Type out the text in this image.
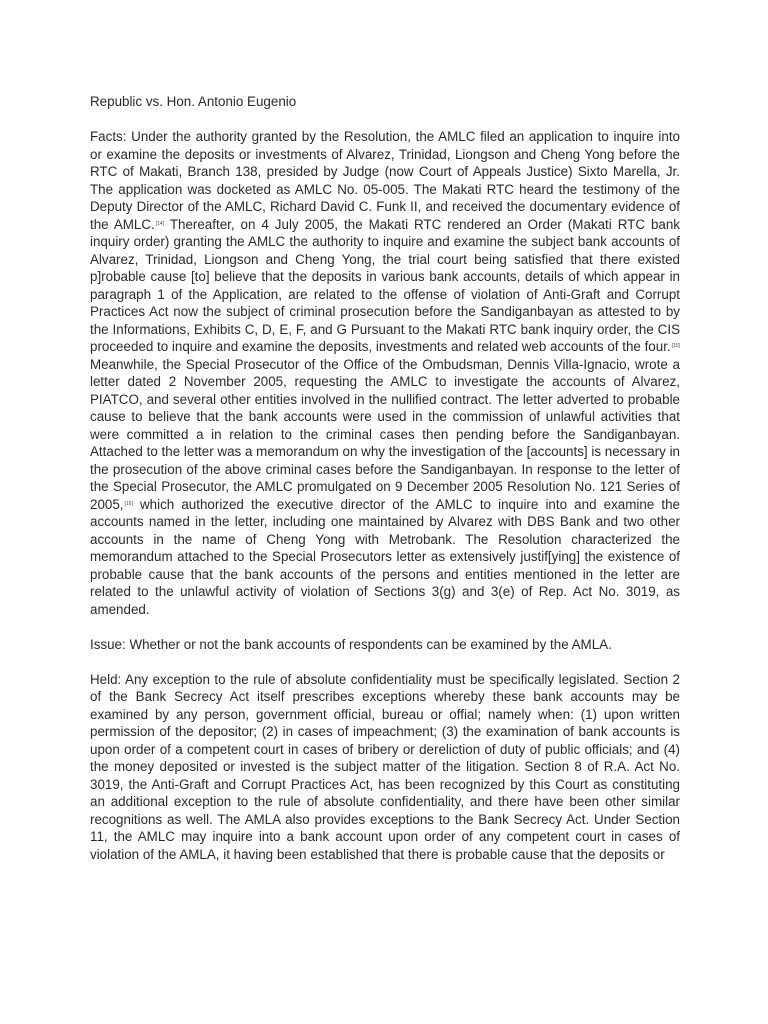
Republic vs. Hon. Antonio Eugenio

Facts: Under the authority granted by the Resolution, the AMLC filed an application to inquire into or examine the deposits or investments of Alvarez, Trinidad, Liongson and Cheng Yong before the RTC of Makati, Branch 138, presided by Judge (now Court of Appeals Justice) Sixto Marella, Jr. The application was docketed as AMLC No. 05-005. The Makati RTC heard the testimony of the Deputy Director of the AMLC, Richard David C. Funk II, and received the documentary evidence of the AMLC.[14] Thereafter, on 4 July 2005, the Makati RTC rendered an Order (Makati RTC bank inquiry order) granting the AMLC the authority to inquire and examine the subject bank accounts of Alvarez, Trinidad, Liongson and Cheng Yong, the trial court being satisfied that there existed p]robable cause [to] believe that the deposits in various bank accounts, details of which appear in paragraph 1 of the Application, are related to the offense of violation of Anti-Graft and Corrupt Practices Act now the subject of criminal prosecution before the Sandiganbayan as attested to by the Informations, Exhibits C, D, E, F, and G Pursuant to the Makati RTC bank inquiry order, the CIS proceeded to inquire and examine the deposits, investments and related web accounts of the four.[15]

Meanwhile, the Special Prosecutor of the Office of the Ombudsman, Dennis Villa-Ignacio, wrote a letter dated 2 November 2005, requesting the AMLC to investigate the accounts of Alvarez, PIATCO, and several other entities involved in the nullified contract. The letter adverted to probable cause to believe that the bank accounts were used in the commission of unlawful activities that were committed a in relation to the criminal cases then pending before the Sandiganbayan. Attached to the letter was a memorandum on why the investigation of the [accounts] is necessary in the prosecution of the above criminal cases before the Sandiganbayan. In response to the letter of the Special Prosecutor, the AMLC promulgated on 9 December 2005 Resolution No. 121 Series of 2005,[16] which authorized the executive director of the AMLC to inquire into and examine the accounts named in the letter, including one maintained by Alvarez with DBS Bank and two other accounts in the name of Cheng Yong with Metrobank. The Resolution characterized the memorandum attached to the Special Prosecutors letter as extensively justif[ying] the existence of probable cause that the bank accounts of the persons and entities mentioned in the letter are related to the unlawful activity of violation of Sections 3(g) and 3(e) of Rep. Act No. 3019, as amended.

Issue: Whether or not the bank accounts of respondents can be examined by the AMLA.

Held: Any exception to the rule of absolute confidentiality must be specifically legislated. Section 2 of the Bank Secrecy Act itself prescribes exceptions whereby these bank accounts may be examined by any person, government official, bureau or offial; namely when: (1) upon written permission of the depositor; (2) in cases of impeachment; (3) the examination of bank accounts is upon order of a competent court in cases of bribery or dereliction of duty of public officials; and (4) the money deposited or invested is the subject matter of the litigation. Section 8 of R.A. Act No. 3019, the Anti-Graft and Corrupt Practices Act, has been recognized by this Court as constituting an additional exception to the rule of absolute confidentiality, and there have been other similar recognitions as well. The AMLA also provides exceptions to the Bank Secrecy Act. Under Section 11, the AMLC may inquire into a bank account upon order of any competent court in cases of violation of the AMLA, it having been established that there is probable cause that the deposits or
